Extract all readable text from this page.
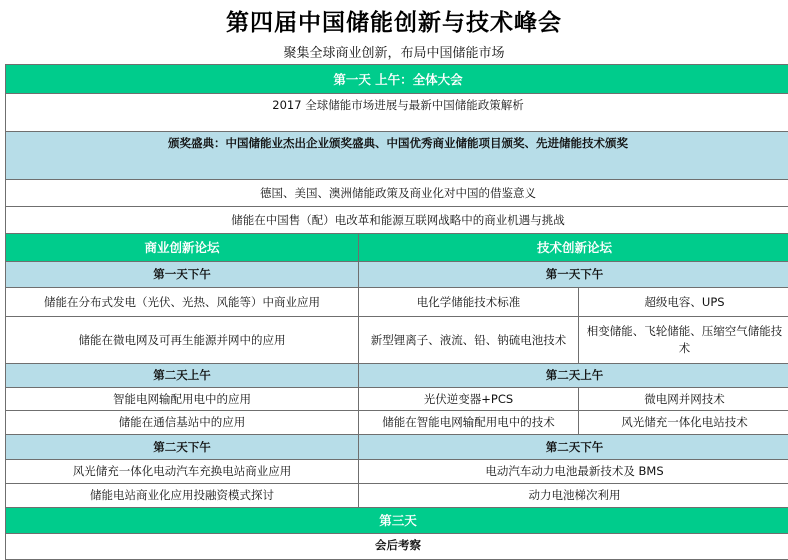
第四届中国储能创新与技术峰会
聚集全球商业创新，布局中国储能市场
第一天 上午：全体大会		
2017 全球储能市场进展与最新中国储能政策解析		
颁奖盛典：中国储能业杰出企业颁奖盛典、中国优秀商业储能项目颁奖、先进储能技术颁奖		
德国、美国、澳洲储能政策及商业化对中国的借鉴意义		
储能在中国售（配）电改革和能源互联网战略中的商业机遇与挑战		
商业创新论坛	技术创新论坛	
第一天下午	第一天下午	
储能在分布式发电（光伏、光热、风能等）中商业应用	电化学储能技术标准	超级电容、UPS
储能在微电网及可再生能源并网中的应用	新型锂离子、液流、铅、钠硫电池技术	相变储能、飞轮储能、压缩空气储能技术
第二天上午	第二天上午	
智能电网输配用电中的应用	光伏逆变器+PCS	微电网并网技术
储能在通信基站中的应用	储能在智能电网输配用电中的技术	风光储充一体化电站技术
第二天下午	第二天下午	
风光储充一体化电动汽车充换电站商业应用	电动汽车动力电池最新技术及 BMS	
储能电站商业化应用投融资模式探讨	动力电池梯次利用	
第三天		
会后考察		
